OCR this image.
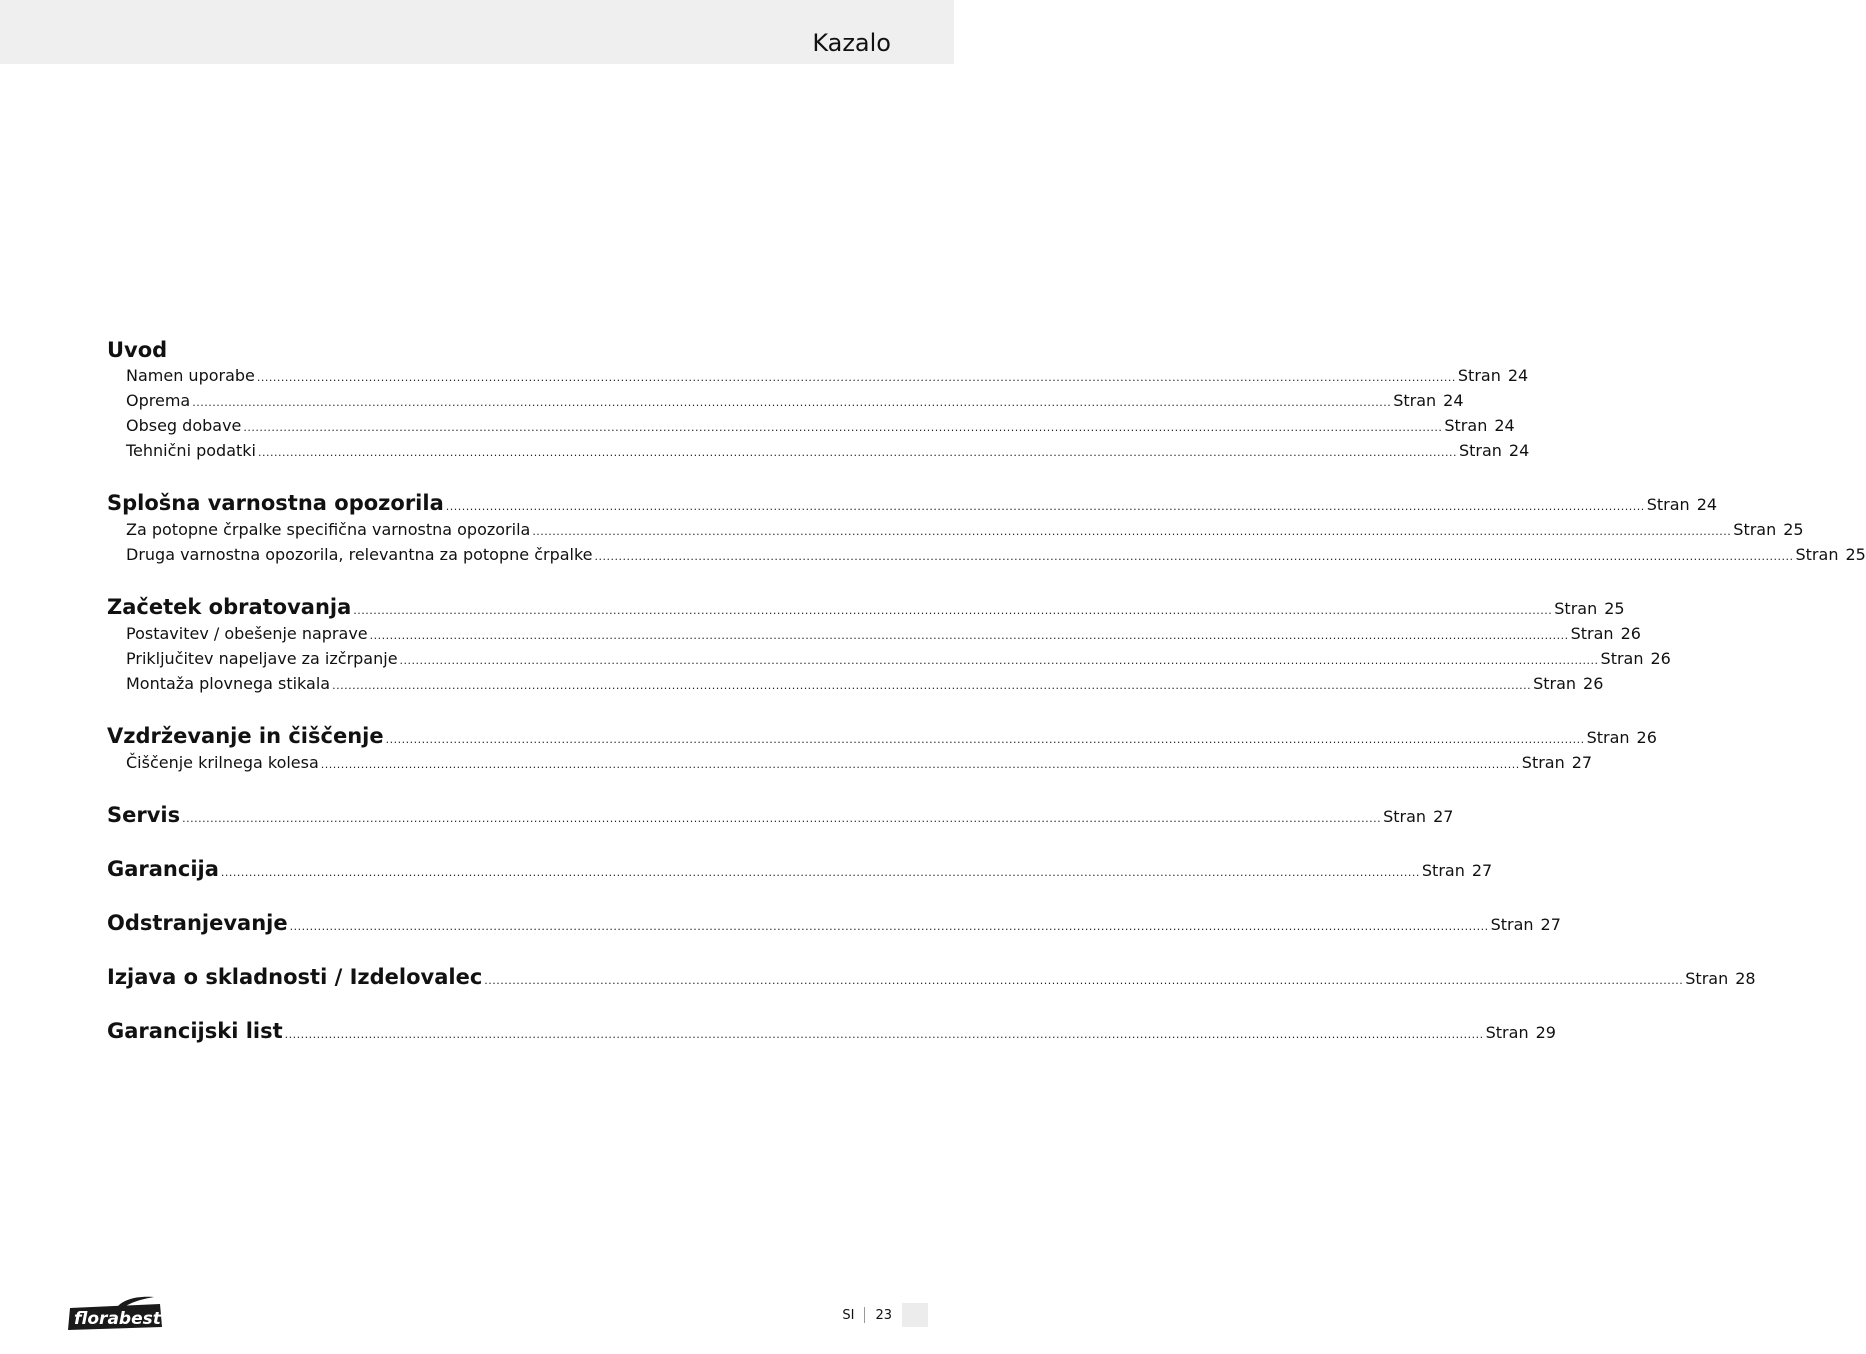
Kazalo
Uvod
Namen uporabe ............................................................................................................................................................................................................................................................................................................ Stran 24
Oprema ............................................................................................................................................................................................................................................................................................................ Stran 24
Obseg dobave ............................................................................................................................................................................................................................................................................................................ Stran 24
Tehnični podatki ............................................................................................................................................................................................................................................................................................................ Stran 24
Splošna varnostna opozorila ............................................................................................................................................................................................................................................................................................................ Stran 24
Za potopne črpalke specifična varnostna opozorila ............................................................................................................................................................................................................................................................................................................ Stran 25
Druga varnostna opozorila, relevantna za potopne črpalke ............................................................................................................................................................................................................................................................................................................ Stran 25
Začetek obratovanja ............................................................................................................................................................................................................................................................................................................ Stran 25
Postavitev / obešenje naprave ............................................................................................................................................................................................................................................................................................................ Stran 26
Priključitev napeljave za izčrpanje ............................................................................................................................................................................................................................................................................................................ Stran 26
Montaža plovnega stikala ............................................................................................................................................................................................................................................................................................................ Stran 26
Vzdrževanje in čiščenje ............................................................................................................................................................................................................................................................................................................ Stran 26
Čiščenje krilnega kolesa ............................................................................................................................................................................................................................................................................................................ Stran 27
Servis ............................................................................................................................................................................................................................................................................................................ Stran 27
Garancija ............................................................................................................................................................................................................................................................................................................ Stran 27
Odstranjevanje ............................................................................................................................................................................................................................................................................................................ Stran 27
Izjava o skladnosti / Izdelovalec ............................................................................................................................................................................................................................................................................................................ Stran 28
Garancijski list ............................................................................................................................................................................................................................................................................................................ Stran 29
florabest	SI 23
